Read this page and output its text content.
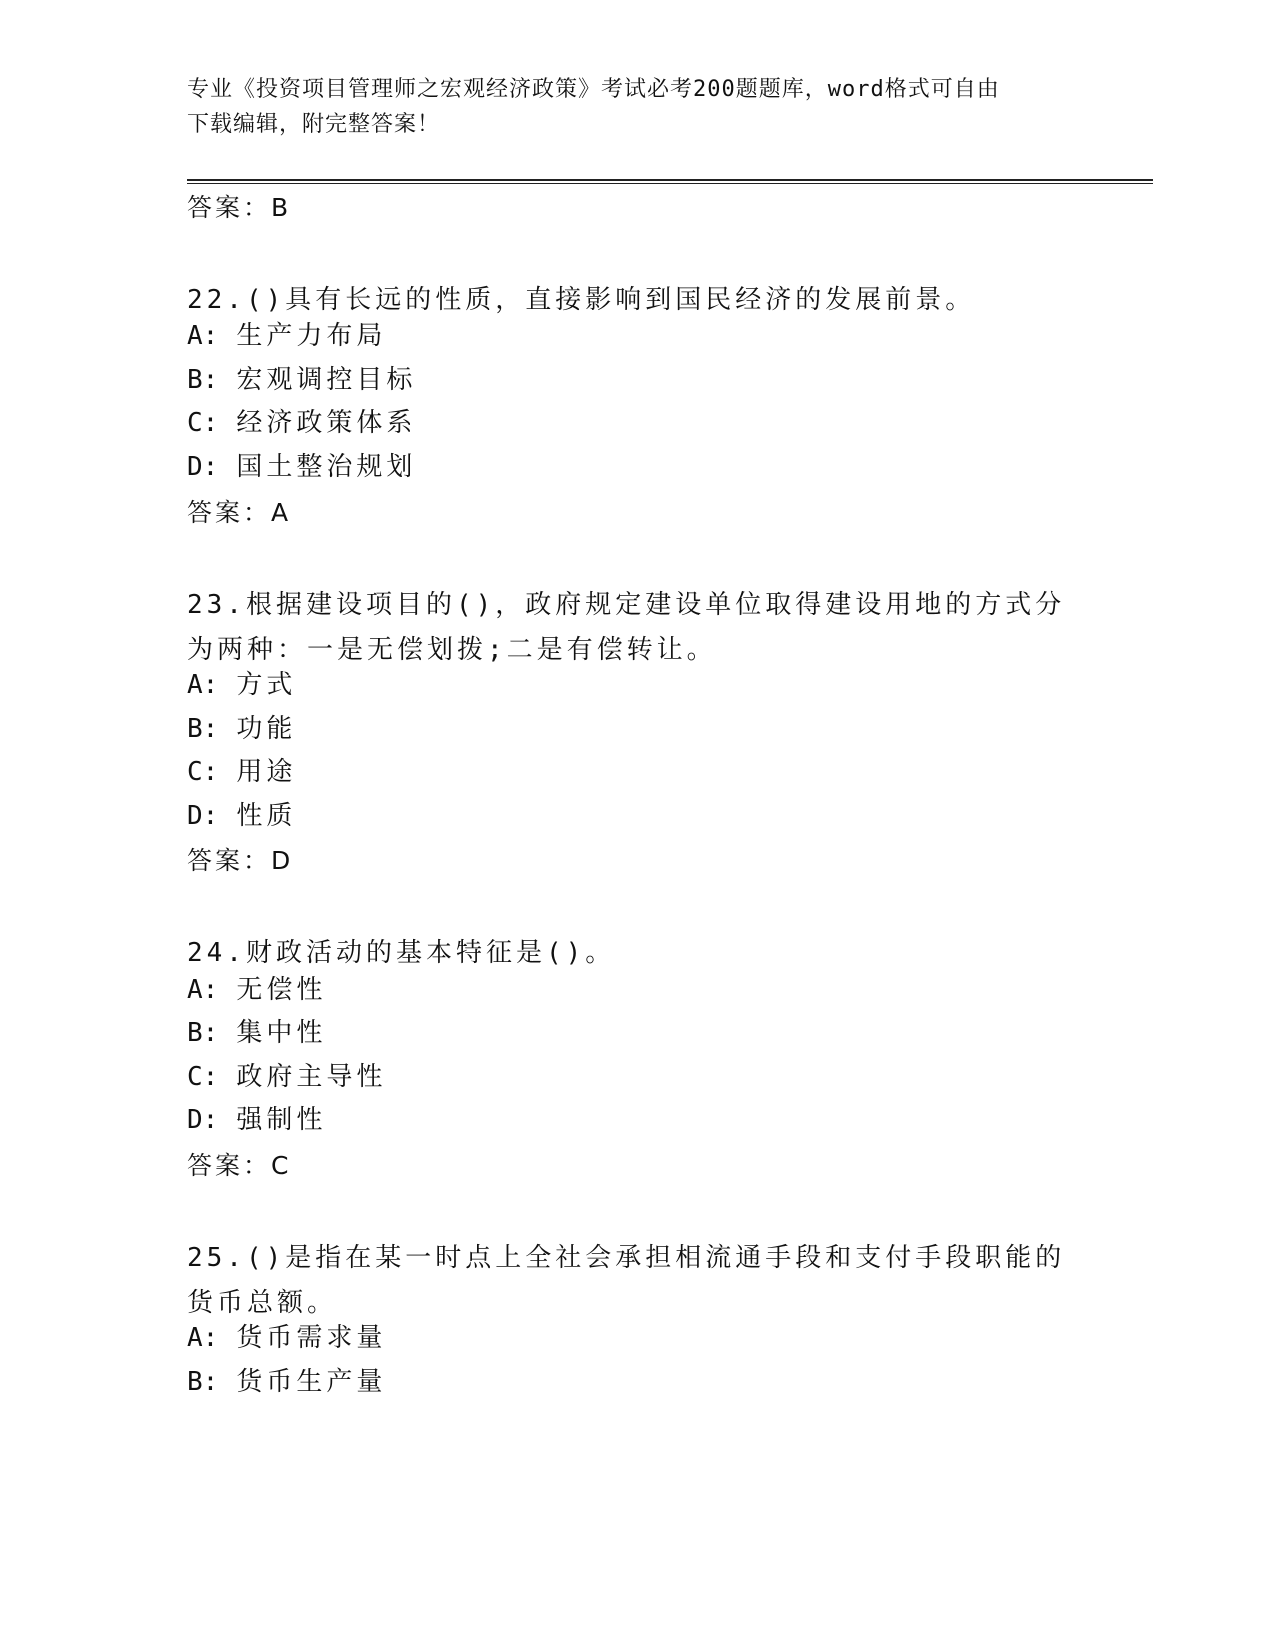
专业《投资项目管理师之宏观经济政策》考试必考200题题库，word格式可自由
下载编辑，附完整答案！

答案：B

22.()具有长远的性质，直接影响到国民经济的发展前景。

A: 生产力布局

B: 宏观调控目标

C: 经济政策体系

D: 国土整治规划

答案：A

23.根据建设项目的()，政府规定建设单位取得建设用地的方式分为两种：一是无偿划拨;二是有偿转让。

A: 方式

B: 功能

C: 用途

D: 性质

答案：D

24.财政活动的基本特征是()。

A: 无偿性

B: 集中性

C: 政府主导性

D: 强制性

答案：C

25.()是指在某一时点上全社会承担相流通手段和支付手段职能的货币总额。

A: 货币需求量

B: 货币生产量
